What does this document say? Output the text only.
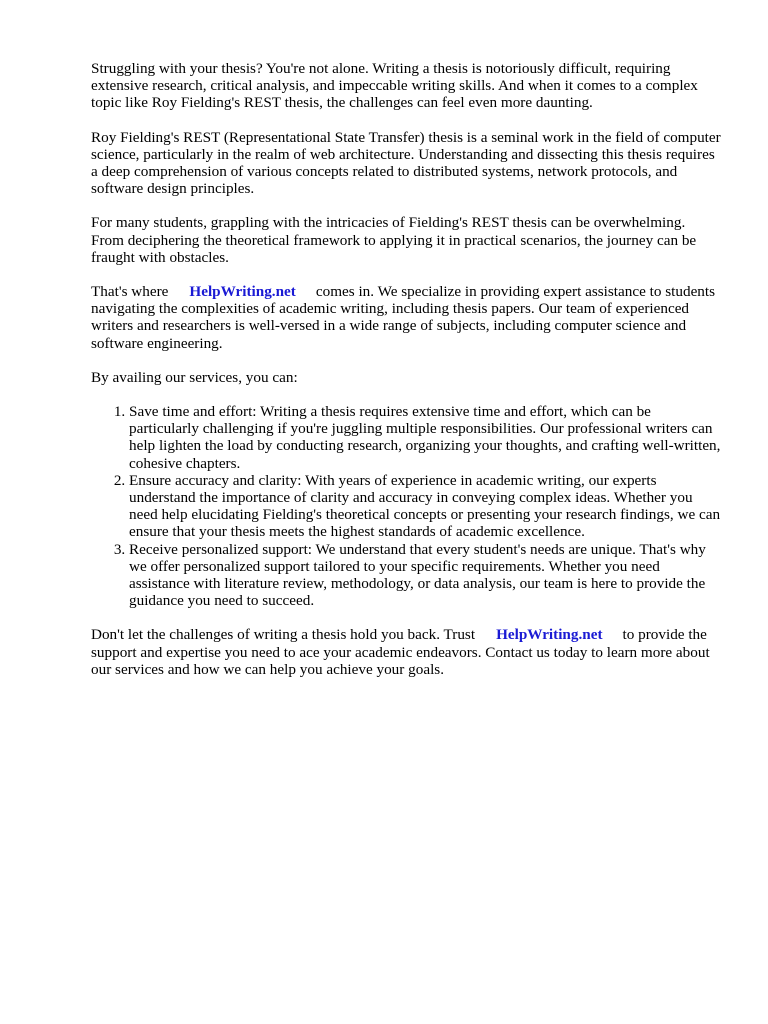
Struggling with your thesis? You're not alone. Writing a thesis is notoriously difficult, requiring extensive research, critical analysis, and impeccable writing skills. And when it comes to a complex topic like Roy Fielding's REST thesis, the challenges can feel even more daunting.

Roy Fielding's REST (Representational State Transfer) thesis is a seminal work in the field of computer science, particularly in the realm of web architecture. Understanding and dissecting this thesis requires a deep comprehension of various concepts related to distributed systems, network protocols, and software design principles.

For many students, grappling with the intricacies of Fielding's REST thesis can be overwhelming. From deciphering the theoretical framework to applying it in practical scenarios, the journey can be fraught with obstacles.

That's where HelpWriting.net comes in. We specialize in providing expert assistance to students navigating the complexities of academic writing, including thesis papers. Our team of experienced writers and researchers is well-versed in a wide range of subjects, including computer science and software engineering.

By availing our services, you can:

1. Save time and effort: Writing a thesis requires extensive time and effort, which can be particularly challenging if you're juggling multiple responsibilities. Our professional writers can help lighten the load by conducting research, organizing your thoughts, and crafting well-written, cohesive chapters.
2. Ensure accuracy and clarity: With years of experience in academic writing, our experts understand the importance of clarity and accuracy in conveying complex ideas. Whether you need help elucidating Fielding's theoretical concepts or presenting your research findings, we can ensure that your thesis meets the highest standards of academic excellence.
3. Receive personalized support: We understand that every student's needs are unique. That's why we offer personalized support tailored to your specific requirements. Whether you need assistance with literature review, methodology, or data analysis, our team is here to provide the guidance you need to succeed.

Don't let the challenges of writing a thesis hold you back. Trust HelpWriting.net to provide the support and expertise you need to ace your academic endeavors. Contact us today to learn more about our services and how we can help you achieve your goals.
